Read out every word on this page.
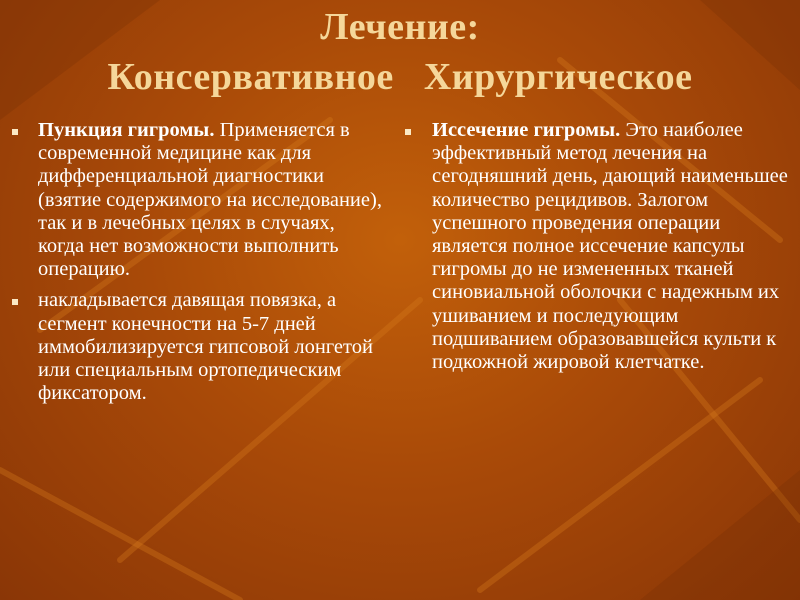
Лечение:
Консервативное Хирургическое
Пункция гигромы. Применяется в современной медицине как для дифференциальной диагностики (взятие содержимого на исследование), так и в лечебных целях в случаях, когда нет возможности выполнить операцию.
накладывается давящая повязка, а сегмент конечности на 5-7 дней иммобилизируется гипсовой лонгетой или специальным ортопедическим фиксатором.
Иссечение гигромы. Это наиболее эффективный метод лечения на сегодняшний день, дающий наименьшее количество рецидивов. Залогом успешного проведения операции является полное иссечение капсулы гигромы до не измененных тканей синовиальной оболочки с надежным их ушиванием и последующим подшиванием образовавшейся культи к подкожной жировой клетчатке.
